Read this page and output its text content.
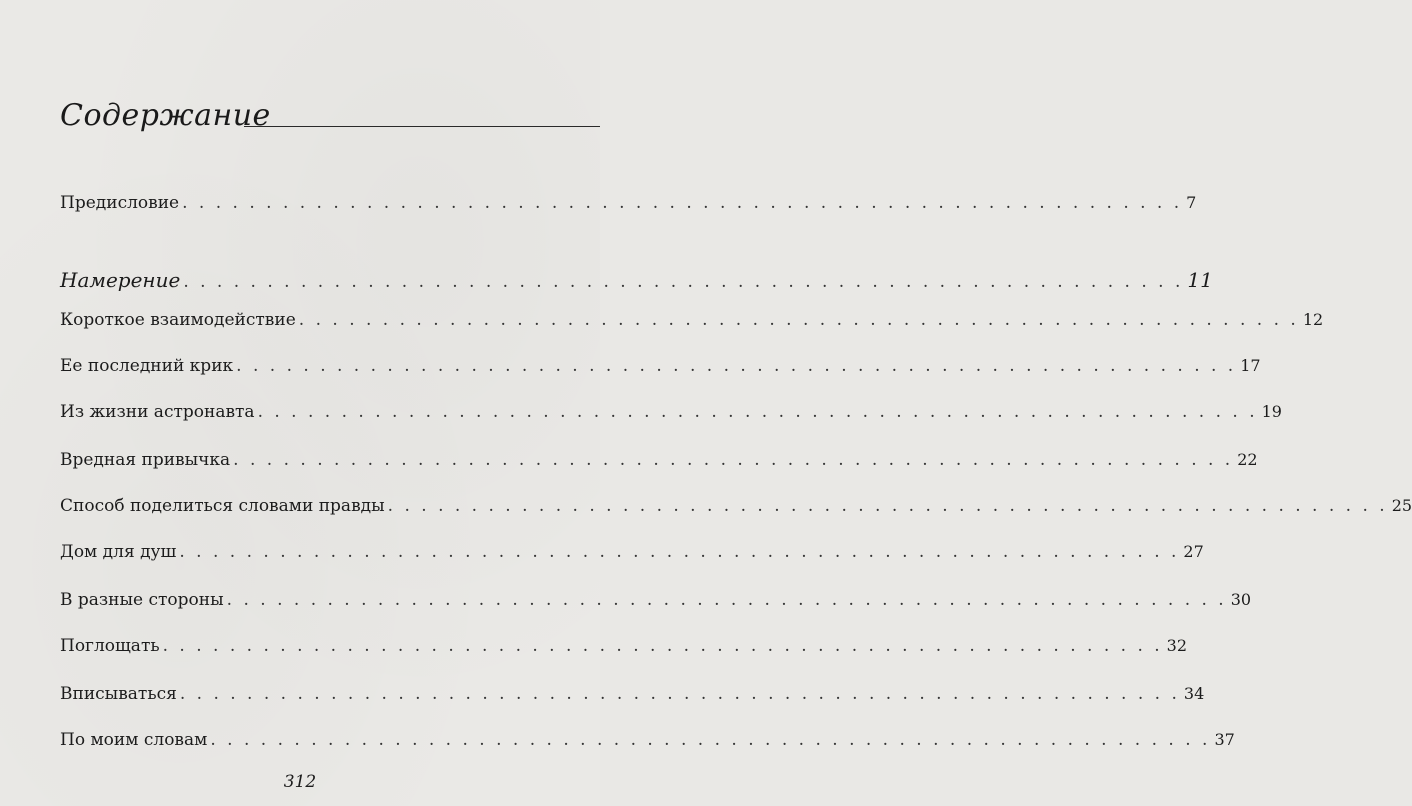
Содержание
Предисловие . . . . . . . . . . . . . . . . . . . . . . . . . . . . . . . . . . . . . . . . . . . . . . . . . . . . . . . . . . . . 7
Намерение . . . . . . . . . . . . . . . . . . . . . . . . . . . . . . . . . . . . . . . . . . . . . . . . . . . . . . . . . . . . 11
Короткое взаимодействие . . . . . . . . . . . . . . . . . . . . . . . . . . . . . . . . . . . . . . . . . . . . . . . . . . . . . . . . . . . . 12
Ее последний крик . . . . . . . . . . . . . . . . . . . . . . . . . . . . . . . . . . . . . . . . . . . . . . . . . . . . . . . . . . . . 17
Из жизни астронавта . . . . . . . . . . . . . . . . . . . . . . . . . . . . . . . . . . . . . . . . . . . . . . . . . . . . . . . . . . . . 19
Вредная привычка . . . . . . . . . . . . . . . . . . . . . . . . . . . . . . . . . . . . . . . . . . . . . . . . . . . . . . . . . . . . 22
Способ поделиться словами правды . . . . . . . . . . . . . . . . . . . . . . . . . . . . . . . . . . . . . . . . . . . . . . . . . . . . . . . . . . . . 25
Дом для душ . . . . . . . . . . . . . . . . . . . . . . . . . . . . . . . . . . . . . . . . . . . . . . . . . . . . . . . . . . . . 27
В разные стороны . . . . . . . . . . . . . . . . . . . . . . . . . . . . . . . . . . . . . . . . . . . . . . . . . . . . . . . . . . . . 30
Поглощать . . . . . . . . . . . . . . . . . . . . . . . . . . . . . . . . . . . . . . . . . . . . . . . . . . . . . . . . . . . . 32
Вписываться . . . . . . . . . . . . . . . . . . . . . . . . . . . . . . . . . . . . . . . . . . . . . . . . . . . . . . . . . . . . 34
По моим словам . . . . . . . . . . . . . . . . . . . . . . . . . . . . . . . . . . . . . . . . . . . . . . . . . . . . . . . . . . . . 37
312
